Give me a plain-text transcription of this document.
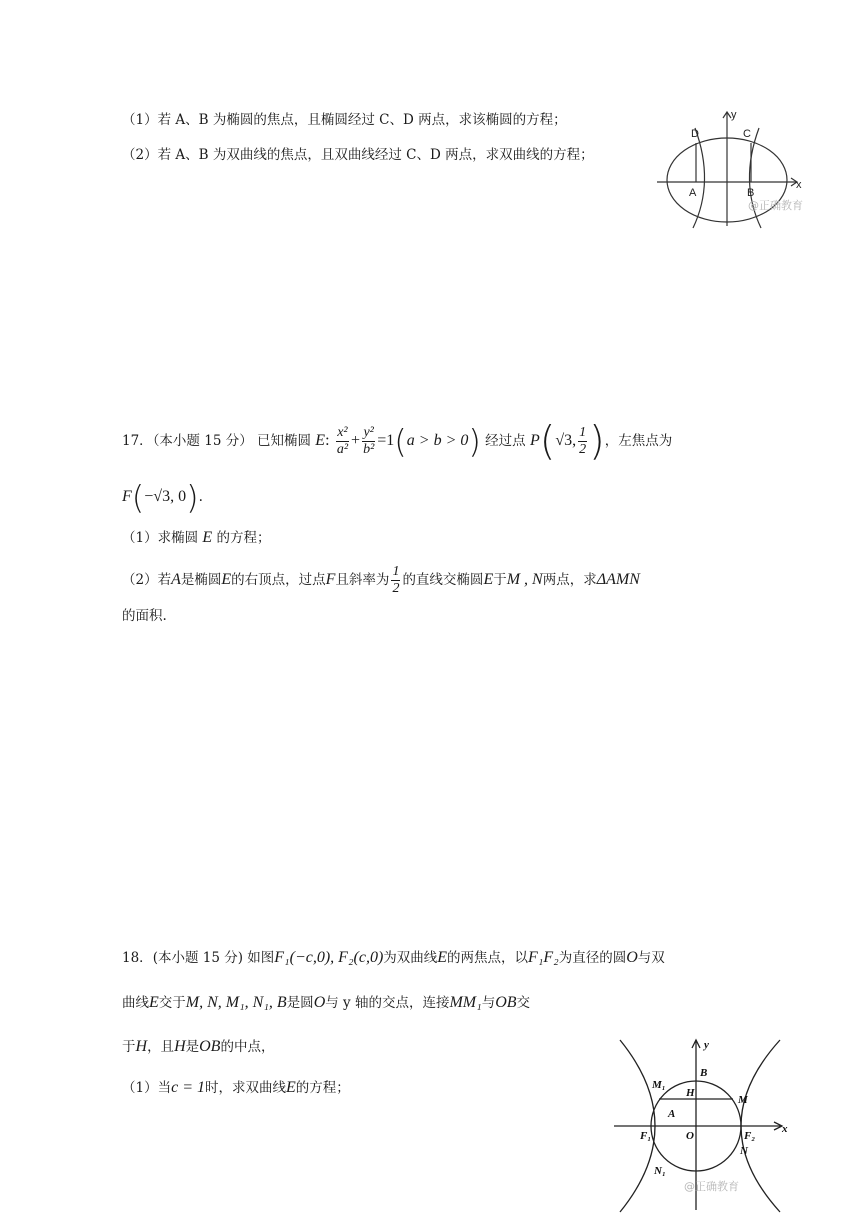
（1）若 A、B 为椭圆的焦点，且椭圆经过 C、D 两点，求该椭圆的方程；
（2）若 A、B 为双曲线的焦点，且双曲线经过 C、D 两点，求双曲线的方程；
D	C
A	B
x
y
@正确教育
17．（本小题 15 分） 已知椭圆 E: $\frac{\text{x²}}{\text{a²}} + \frac{\text{y²}}{\text{b²}} =1(a > b > 0)$ 经过点 P(√3, $\frac{1}{2}$ )，左焦点为
F(−√3, 0).
（1）求椭圆 E 的方程；
（2）若A是椭圆E的右顶点，过点F且斜率为 $\frac{1}{2}$ 的直线交椭圆E于M , N两点，求ΔAMN
的面积.
18．(本小题 15 分) 如图F₁(−c,0), F₂(c,0)为双曲线E的两焦点，以F₁F₂为直径的圆O与双
曲线E交于M, N, M₁, N₁, B是圆O与 y 轴的交点，连接MM₁与OB交
于H，且H是OB的中点，
（1）当c = 1时，求双曲线E的方程；
y
x
B
H
M₁
M
A
F₁	O	F₂
N₁
N
@正确教育
